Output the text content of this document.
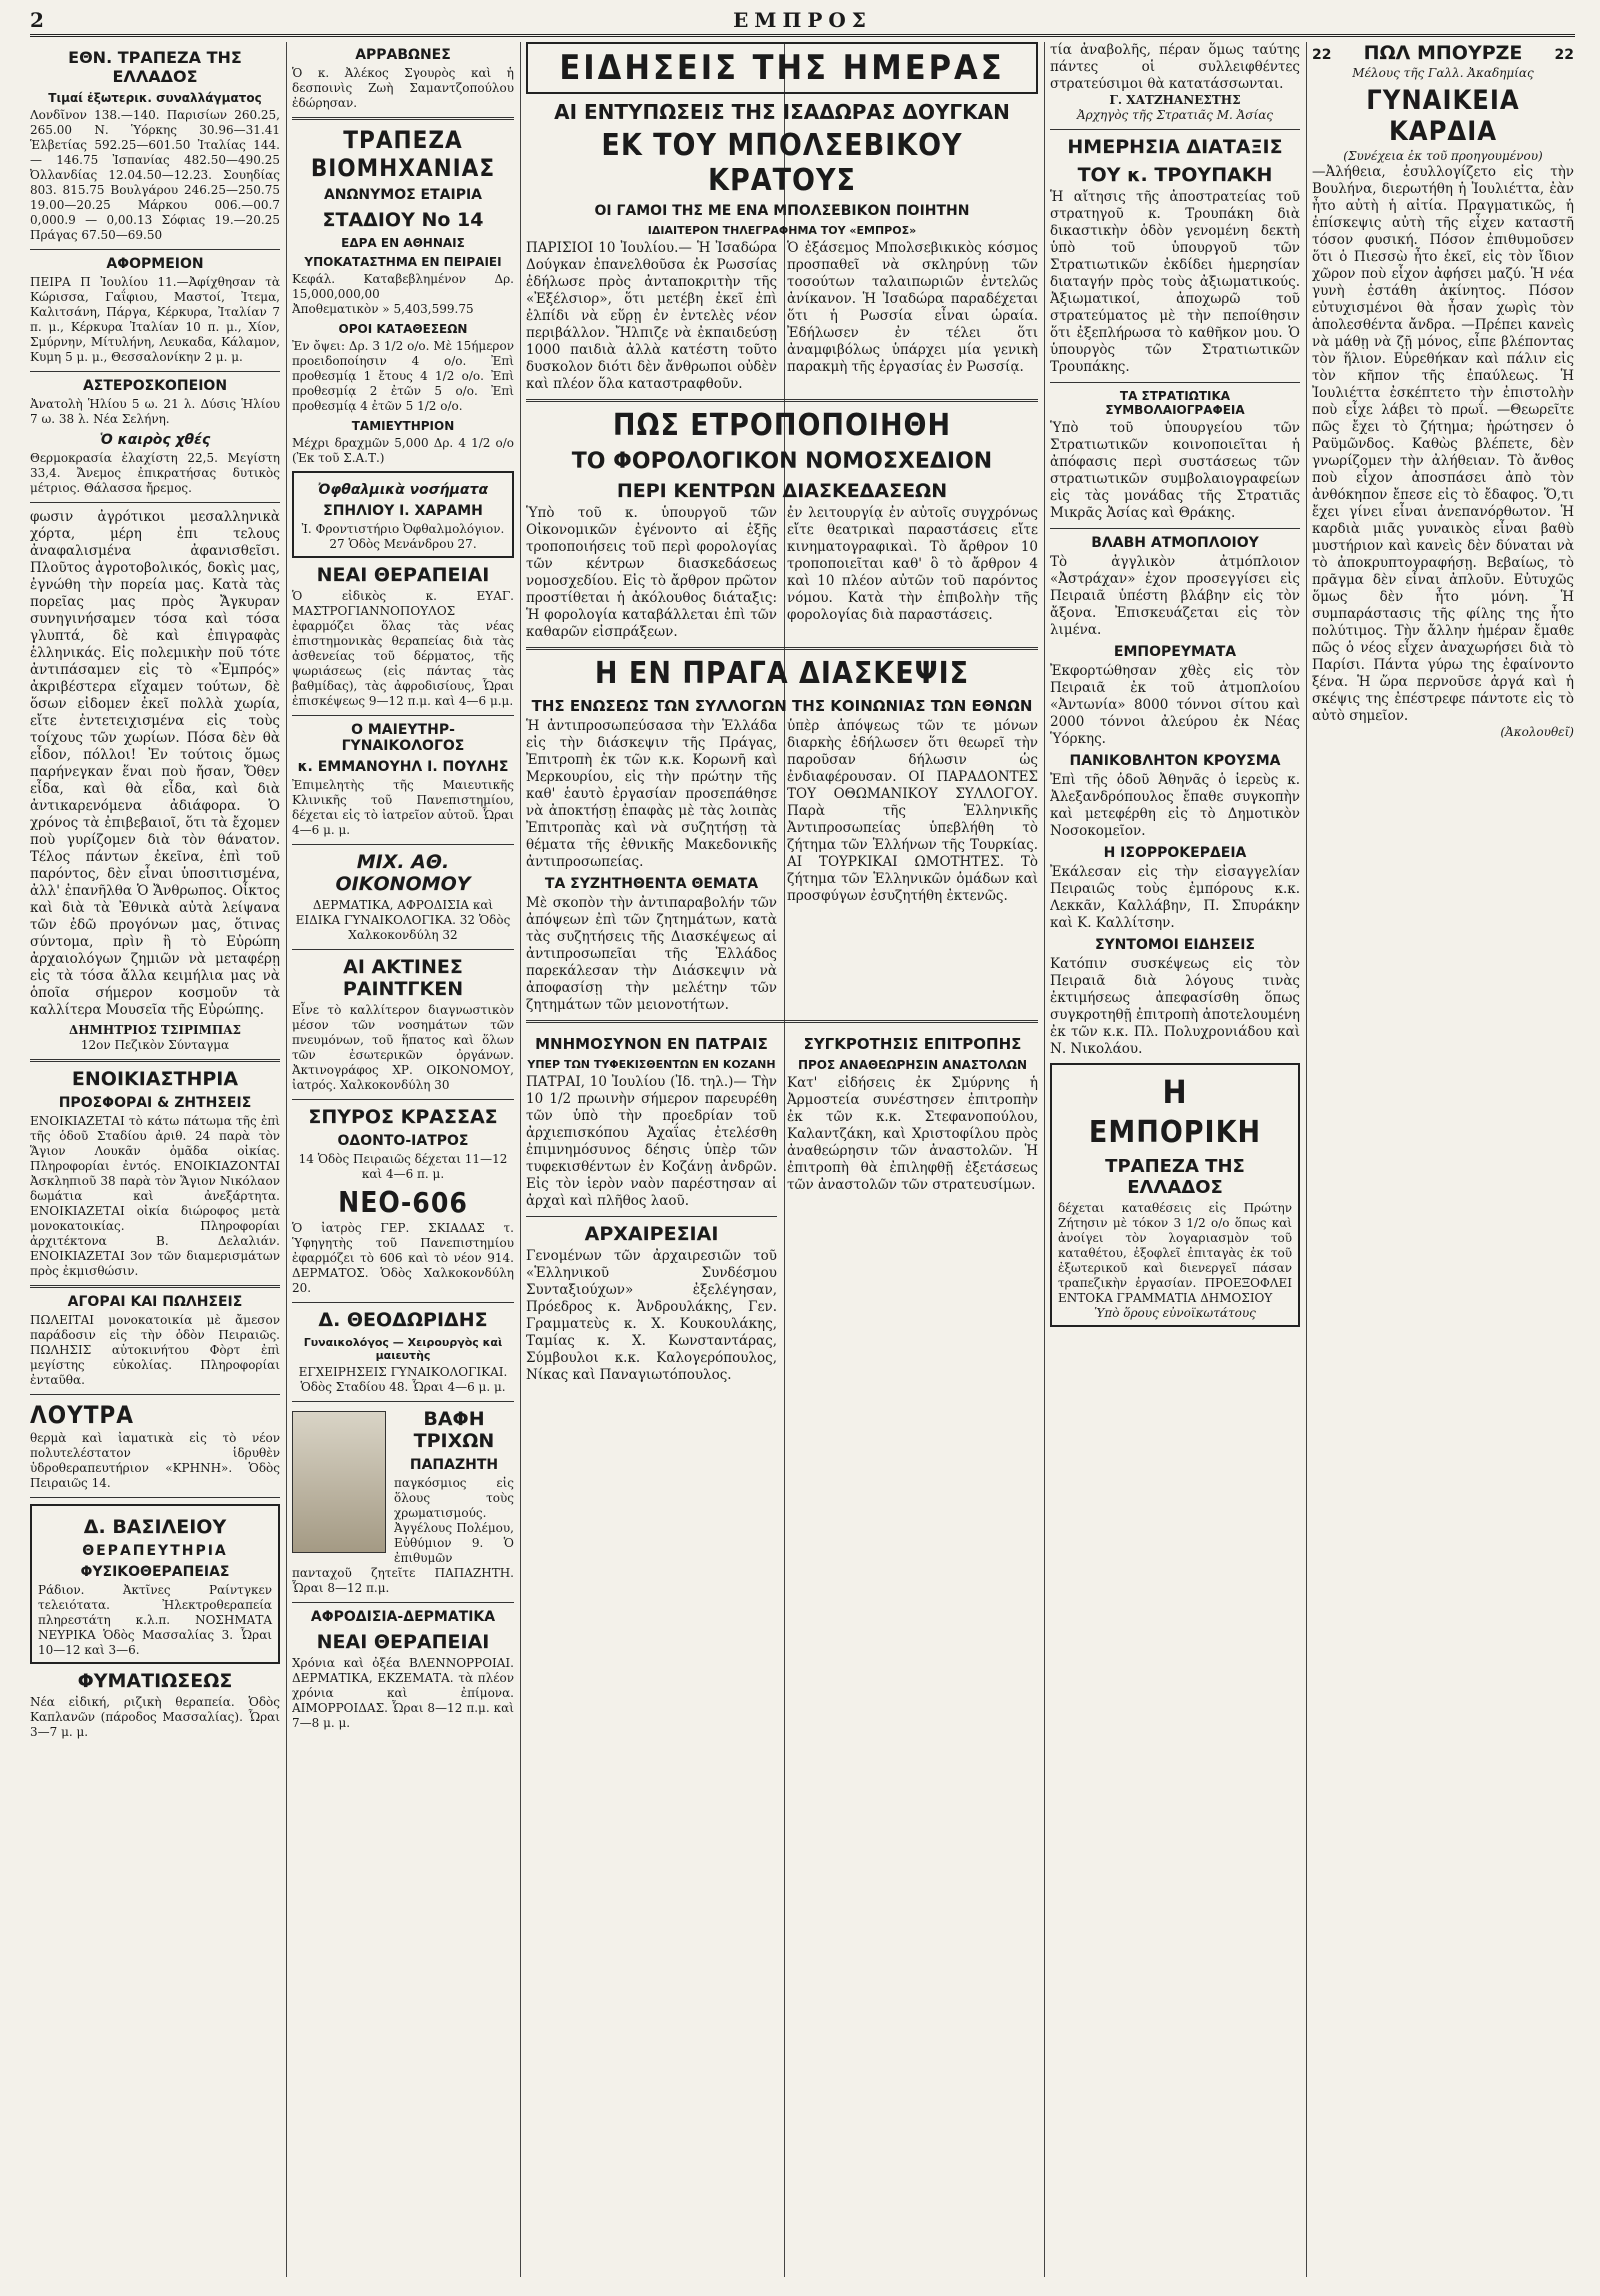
2	ΕΜΠΡΟΣ
ΕΘΝ. ΤΡΑΠΕΖΑ ΤΗΣ ΕΛΛΑΔΟΣ
Τιμαί ἐξωτερικ. συναλλάγματος

Λονδῖνον 138.—140. Παρισίων 260.25, 265.00 Ν. Ὑόρκης 30.96—31.41 Ἑλβετίας 592.25—601.50 Ἰταλίας 144.— 146.75 Ἰσπανίας 482.50—490.25 Ὀλλανδίας 12.04.50—12.23. Σουηδίας 803. 815.75 Βουλγάρου 246.25—250.75 19.00—20.25 Μάρκου 006.—00.7 0,000.9 — 0,00.13 Σόφιας 19.—20.25 Πράγας 67.50—69.50

ΑΦΟΡΜΕΙΟΝ

ΠΕΙΡΑ Π Ἰουλίου 11.—Ἀφίχθησαν τὰ Κώρισσα, Γαΐφιου, Μαστοί, Ἰτεμα, Καλιτσάνη, Πάργα, Κέρκυρα, Ἰταλίαν 7 π. μ., Κέρκυρα Ἰταλίαν 10 π. μ., Χίον, Σμύρνην, Μίτυλήνη, Λευκαδα, Κάλαμον, Κυμη 5 μ. μ., Θεσσαλονίκην 2 μ. μ.

ΑΣΤΕΡΟΣΚΟΠΕΙΟΝ

Ἀνατολὴ Ἡλίου 5 ω. 21 λ. Δύσις Ἡλίου 7 ω. 38 λ. Νέα Σελήνη.

Ὁ καιρὸς χθές

Θερμοκρασία ἐλαχίστη 22,5. Μεγίστη 33,4. Ἄνεμος ἐπικρατήσας δυτικὸς μέτριος. Θάλασσα ἤρεμος.

φωσιν ἀγρότικοι μεσαλληνικὰ χόρτα, μέρη ἐπι τελους ἀναφαλισμένα ἀφανισθεῖσι. Πλοῦτος ἀγροτοβολικός, δοκὶς μας, ἐγνώθη τὴν πορεία μας. Κατὰ τὰς πορεῖας μας πρὸς Ἄγκυραν συνηγινήσαμεν τόσα καὶ τόσα γλυπτά, δὲ καὶ ἐπιγραφὰς ἑλληνικάς. Εἰς πολεμικὴν ποῦ τότε ἀντιπάσαμεν εἰς τὸ «Ἐμπρός» ἀκριβέστερα εἴχαμεν τούτων, δὲ ὅσων εἰδομεν ἐκεῖ πολλὰ χωρία, εἴτε ἐντετειχισμένα εἰς τοὺς τοίχους τῶν χωρίων. Πόσα δὲν θὰ εἶδον, πόλλοι! Ἐν τούτοις ὅμως παρήνεγκαν ἕναι ποὺ ἤσαν, Ὄθεν εἶδα, καὶ θὰ εἶδα, καὶ διὰ ἀντικαρενόμενα ἀδιάφορα. Ὁ χρόνος τὰ ἐπιβεβαιοῖ, ὅτι τὰ ἔχομεν ποὺ γυρίζομεν διὰ τὸν θάνατον. Τέλος πάντων ἐκεῖνα, ἐπὶ τοῦ παρόντος, δὲν εἶναι ὑποσιτισμένα, ἀλλ' ἐπανῆλθα Ὁ Ἄνθρωπος. Οἶκτος καὶ διὰ τὰ Ἐθνικὰ αὐτὰ λείψανα τῶν ἐδῶ προγόνων μας, ὅτινας σύντομα, πρὶν ἢ τὸ Εὐρώπη ἀρχαιολόγων ζημιῶν νὰ μεταφέρῃ εἰς τὰ τόσα ἄλλα κειμήλια μας νὰ ὁποῖα σήμερον κοσμοῦν τὰ καλλίτερα Μουσεῖα τῆς Εὐρώπης.

ΔΗΜΗΤΡΙΟΣ ΤΣΙΡΙΜΠΑΣ
12ον Πεζικὸν Σύνταγμα
ΕΝΟΙΚΙΑΣΤΗΡΙΑ
ΠΡΟΣΦΟΡΑΙ & ΖΗΤΗΣΕΙΣ

ΕΝΟΙΚΙΑΖΕΤΑΙ τὸ κάτω πάτωμα τῆς ἐπὶ τῆς ὁδοῦ Σταδίου ἀριθ. 24 παρὰ τὸν Ἅγιον Λουκᾶν ὁμᾶδα οἰκίας. Πληροφορίαι ἐντός. ΕΝΟΙΚΙΑΖΟΝΤΑΙ Ἀσκληπιοῦ 38 παρὰ τὸν Ἅγιον Νικόλαον δωμάτια καὶ ἀνεξάρτητα. ΕΝΟΙΚΙΑΖΕΤΑΙ οἰκία διώροφος μετὰ μονοκατοικίας. Πληροφορίαι ἀρχιτέκτονα Β. Δελαλιάν. ΕΝΟΙΚΙΑΖΕΤΑΙ 3ον τῶν διαμερισμάτων πρὸς ἐκμισθώσιν.

ΑΓΟΡΑΙ ΚΑΙ ΠΩΛΗΣΕΙΣ

ΠΩΛΕΙΤΑΙ μονοκατοικία μὲ ἄμεσον παράδοσιν εἰς τὴν ὁδὸν Πειραιῶς. ΠΩΛΗΣΙΣ αὐτοκινήτου Φὸρτ ἐπὶ μεγίστης εὐκολίας. Πληροφορίαι ἐνταῦθα.

ΛΟΥΤΡΑ

θερμὰ καὶ ἰαματικὰ εἰς τὸ νέον πολυτελέστατον ἱδρυθὲν ὑδροθεραπευτήριον «ΚΡΗΝΗ». Ὁδὸς Πειραιῶς 14.

Δ. ΒΑΣΙΛΕΙΟΥ
ΘΕΡΑΠΕΥΤΗΡΙΑ
ΦΥΣΙΚΟΘΕΡΑΠΕΙΑΣ

Ράδιον. Ἀκτῖνες Ραίντγκεν τελειότατα. Ἠλεκτροθεραπεία πληρεστάτη κ.λ.π. ΝΟΣΗΜΑΤΑ ΝΕΥΡΙΚΑ Ὁδὸς Μασσαλίας 3. Ὧραι 10—12 καὶ 3—6.

ΦΥΜΑΤΙΩΣΕΩΣ

Νέα εἰδική, ριζικὴ θεραπεία. Ὁδὸς Καπλανῶν (πάροδος Μασσαλίας). Ὧραι 3—7 μ. μ.

ΑΡΡΑΒΩΝΕΣ

Ὁ κ. Ἀλέκος Σγουρὸς καὶ ἡ δεσποινὶς Ζωὴ Σαμαντζοπούλου ἐδώρησαν.

ΤΡΑΠΕΖΑ ΒΙΟΜΗΧΑΝΙΑΣ
ΑΝΩΝΥΜΟΣ ΕΤΑΙΡΙΑ
ΣΤΑΔΙΟΥ No 14
ΕΔΡΑ ΕΝ ΑΘΗΝΑΙΣ
ΥΠΟΚΑΤΑΣΤΗΜΑ ΕΝ ΠΕΙΡΑΙΕΙ

Κεφάλ. Καταβεβλημένον Δρ. 15,000,000,00

Ἀποθεματικὸν » 5,403,599.75

ΟΡΟΙ ΚΑΤΑΘΕΣΕΩΝ

Ἐν ὄψει: Δρ. 3 1/2 ο/ο. Μὲ 15ήμερον προειδοποίησιν 4 ο/ο. Ἐπὶ προθεσμίᾳ 1 ἔτους 4 1/2 ο/ο. Ἐπὶ προθεσμίᾳ 2 ἐτῶν 5 ο/ο. Ἐπὶ προθεσμίᾳ 4 ἐτῶν 5 1/2 ο/ο.

ΤΑΜΙΕΥΤΗΡΙΟΝ

Μέχρι δραχμῶν 5,000 Δρ. 4 1/2 ο/ο (Ἐκ τοῦ Σ.Α.Τ.)

Ὀφθαλμικὰ νοσήματα
ΣΠΗΛΙΟΥ Ι. ΧΑΡΑΜΗ

Ἰ. Φροντιστήριο Ὀφθαλμολόγιον. 27 Ὁδὸς Μενάνδρου 27.

ΝΕΑΙ ΘΕΡΑΠΕΙΑΙ

Ὁ εἰδικὸς κ. ΕΥΑΓ. ΜΑΣΤΡΟΓΙΑΝΝΟΠΟΥΛΟΣ ἐφαρμόζει ὅλας τὰς νέας ἐπιστημονικὰς θεραπείας διὰ τὰς ἀσθενείας τοῦ δέρματος, τῆς ψωριάσεως (εἰς πάντας τὰς βαθμίδας), τὰς ἀφροδισίους, Ὧραι ἐπισκέψεως 9—12 π.μ. καὶ 4—6 μ.μ.

Ο ΜΑΙΕΥΤΗΡ-ΓΥΝΑΙΚΟΛΟΓΟΣ
κ. ΕΜΜΑΝΟΥΗΛ Ι. ΠΟΥΛΗΣ

Ἐπιμελητὴς τῆς Μαιευτικῆς Κλινικῆς τοῦ Πανεπιστημίου, δέχεται εἰς τὸ ἰατρεῖον αὐτοῦ. Ὧραι 4—6 μ. μ.

ΜΙΧ. ΑΘ. ΟΙΚΟΝΟΜΟΥ

ΔΕΡΜΑΤΙΚΑ, ΑΦΡΟΔΙΣΙΑ καὶ ΕΙΔΙΚΑ ΓΥΝΑΙΚΟΛΟΓΙΚΑ. 32 Ὁδὸς Χαλκοκονδύλη 32

ΑΙ ΑΚΤΙΝΕΣ ΡΑΙΝΤΓΚΕΝ

Εἶνε τὸ καλλίτερον διαγνωστικὸν μέσον τῶν νοσημάτων τῶν πνευμόνων, τοῦ ἥπατος καὶ ὅλων τῶν ἐσωτερικῶν ὀργάνων. Ἀκτινογράφος ΧΡ. ΟΙΚΟΝΟΜΟΥ, ἰατρός. Χαλκοκονδύλη 30

ΣΠΥΡΟΣ ΚΡΑΣΣΑΣ
ΟΔΟΝΤΟ-ΙΑΤΡΟΣ

14 Ὁδὸς Πειραιῶς δέχεται 11—12 καὶ 4—6 π. μ.

ΝΕΟ-606

Ὁ ἰατρὸς ΓΕΡ. ΣΚΙΑΔΑΣ τ. Ὑφηγητὴς τοῦ Πανεπιστημίου ἐφαρμόζει τὸ 606 καὶ τὸ νέον 914. ΔΕΡΜΑΤΟΣ. Ὁδὸς Χαλκοκονδύλη 20.

Δ. ΘΕΟΔΩΡΙΔΗΣ
Γυναικολόγος — Χειρουργὸς καὶ μαιευτὴς

ΕΓΧΕΙΡΗΣΕΙΣ ΓΥΝΑΙΚΟΛΟΓΙΚΑΙ. Ὁδὸς Σταδίου 48. Ὧραι 4—6 μ. μ.

ΒΑΦΗ ΤΡΙΧΩΝ
ΠΑΠΑΖΗΤΗ

παγκόσμιος εἰς ὅλους τοὺς χρωματισμούς. Ἀγγέλους Πολέμου, Εὐθύμιον 9. Ὁ ἐπιθυμῶν πανταχοῦ ζητεῖτε ΠΑΠΑΖΗΤΗ. Ὧραι 8—12 π.μ.

ΑΦΡΟΔΙΣΙΑ-ΔΕΡΜΑΤΙΚΑ
ΝΕΑΙ ΘΕΡΑΠΕΙΑΙ

Χρόνια καὶ ὀξέα ΒΛΕΝΝΟΡΡΟΙΑΙ. ΔΕΡΜΑΤΙΚΑ, ΕΚΖΕΜΑΤΑ. τὰ πλέον χρόνια καὶ ἐπίμονα. ΑΙΜΟΡΡΟΙΔΑΣ. Ὧραι 8—12 π.μ. καὶ 7—8 μ. μ.

ΕΙΔΗΣΕΙΣ ΤΗΣ ΗΜΕΡΑΣ
ΑΙ ΕΝΤΥΠΩΣΕΙΣ ΤΗΣ ΙΣΑΔΩΡΑΣ ΔΟΥΓΚΑΝ
ΕΚ ΤΟΥ ΜΠΟΛΣΕΒΙΚΟΥ ΚΡΑΤΟΥΣ
ΟΙ ΓΑΜΟΙ ΤΗΣ ΜΕ ΕΝΑ ΜΠΟΛΣΕΒΙΚΟΝ ΠΟΙΗΤΗΝ
ΙΔΙΑΙΤΕΡΟΝ ΤΗΛΕΓΡΑΦΗΜΑ ΤΟΥ «ΕΜΠΡΟΣ»

ΠΑΡΙΣΙΟΙ 10 Ἰουλίου.— Ἡ Ἰσαδώρα Δούγκαν ἐπανελθοῦσα ἐκ Ρωσσίας ἐδήλωσε πρὸς ἀνταποκριτὴν τῆς «Ἐξέλσιορ», ὅτι μετέβη ἐκεῖ ἐπὶ ἐλπίδι νὰ εὕρῃ ἐν ἐντελὲς νέον περιβάλλον. Ἤλπιζε νὰ ἐκπαιδεύσῃ 1000 παιδιὰ ἀλλὰ κατέστη τοῦτο δυσκολον διότι δὲν ἄνθρωποι οὐδὲν καὶ πλέον ὅλα καταστραφθοῦν.

Ὁ ἐξάσεμος Μπολσεβικικὸς κόσμος προσπαθεῖ νὰ σκληρύνῃ τῶν τοσούτων ταλαιπωριῶν ἐντελῶς ἀνίκανον. Ἡ Ἰσαδώρα παραδέχεται ὅτι ἡ Ρωσσία εἶναι ὡραία. Ἐδήλωσεν ἐν τέλει ὅτι ἀναμφιβόλως ὑπάρχει μία γενικὴ παρακμὴ τῆς ἐργασίας ἐν Ρωσσίᾳ.

ΠΩΣ ΕΤΡΟΠΟΠΟΙΗΘΗ
ΤΟ ΦΟΡΟΛΟΓΙΚΟΝ ΝΟΜΟΣΧΕΔΙΟΝ
ΠΕΡΙ ΚΕΝΤΡΩΝ ΔΙΑΣΚΕΔΑΣΕΩΝ

Ὑπὸ τοῦ κ. ὑπουργοῦ τῶν Οἰκονομικῶν ἐγένοντο αἱ ἑξῆς τροποποιήσεις τοῦ περὶ φορολογίας τῶν κέντρων διασκεδάσεως νομοσχεδίου. Εἰς τὸ ἄρθρον πρῶτον προστίθεται ἡ ἀκόλουθος διάταξις: Ἡ φορολογία καταβάλλεται ἐπὶ τῶν καθαρῶν εἰσπράξεων.

ἐν λειτουργίᾳ ἐν αὐτοῖς συγχρόνως εἴτε θεατρικαὶ παραστάσεις εἴτε κινηματογραφικαὶ. Τὸ ἄρθρον 10 τροποποιεῖται καθ' ὃ τὸ ἄρθρον 4 καὶ 10 πλέον αὐτῶν τοῦ παρόντος νόμου. Κατὰ τὴν ἐπιβολὴν τῆς φορολογίας διὰ παραστάσεις.

Η ΕΝ ΠΡΑΓΑ ΔΙΑΣΚΕΨΙΣ
ΤΗΣ ΕΝΩΣΕΩΣ ΤΩΝ ΣΥΛΛΟΓΩΝ ΤΗΣ ΚΟΙΝΩΝΙΑΣ ΤΩΝ ΕΘΝΩΝ

Ἡ ἀντιπροσωπεύσασα τὴν Ἑλλάδα εἰς τὴν διάσκεψιν τῆς Πράγας, Ἐπιτροπὴ ἐκ τῶν κ.κ. Κορωνῆ καὶ Μερκουρίου, εἰς τὴν πρώτην τῆς καθ' ἑαυτὸ ἐργασίαν προσεπάθησε νὰ ἀποκτήσῃ ἐπαφὰς μὲ τὰς λοιπὰς Ἐπιτροπὰς καὶ νὰ συζητήσῃ τὰ θέματα τῆς ἐθνικῆς Μακεδονικῆς ἀντιπροσωπείας.

ΤΑ ΣΥΖΗΤΗΘΕΝΤΑ ΘΕΜΑΤΑ

Μὲ σκοπὸν τὴν ἀντιπαραβολήν τῶν ἀπόψεων ἐπὶ τῶν ζητημάτων, κατὰ τὰς συζητήσεις τῆς Διασκέψεως αἱ ἀντιπροσωπεῖαι τῆς Ἑλλάδος παρεκάλεσαν τὴν Διάσκεψιν νὰ ἀποφασίσῃ τὴν μελέτην τῶν ζητημάτων τῶν μειονοτήτων.

ὑπὲρ ἀπόψεως τῶν τε μόνων διαρκὴς ἐδήλωσεν ὅτι θεωρεῖ τὴν παροῦσαν δήλωσιν ὡς ἐνδιαφέρουσαν. ΟΙ ΠΑΡΑΔΟΝΤΕΣ ΤΟΥ ΟΘΩΜΑΝΙΚΟΥ ΣΥΛΛΟΓΟΥ. Παρὰ τῆς Ἑλληνικῆς Ἀντιπροσωπείας ὑπεβλήθη τὸ ζήτημα τῶν Ἑλλήνων τῆς Τουρκίας. ΑΙ ΤΟΥΡΚΙΚΑΙ ΩΜΟΤΗΤΕΣ. Τὸ ζήτημα τῶν Ἑλληνικῶν ὁμάδων καὶ προσφύγων ἐσυζητήθη ἐκτενῶς.

ΜΝΗΜΟΣΥΝΟΝ ΕΝ ΠΑΤΡΑΙΣ
ΥΠΕΡ ΤΩΝ ΤΥΦΕΚΙΣΘΕΝΤΩΝ ΕΝ ΚΟΖΑΝΗ

ΠΑΤΡΑΙ, 10 Ἰουλίου (Ἰδ. τηλ.)— Τὴν 10 1/2 πρωινὴν σήμερον παρευρέθη τῶν ὑπὸ τὴν προεδρίαν τοῦ ἀρχιεπισκόπου Ἀχαΐας ἐτελέσθη ἐπιμνημόσυνος δέησις ὑπὲρ τῶν τυφεκισθέντων ἐν Κοζάνῃ ἀνδρῶν. Εἰς τὸν ἱερὸν ναὸν παρέστησαν αἱ ἀρχαὶ καὶ πλῆθος λαοῦ.

ΑΡΧΑΙΡΕΣΙΑΙ

Γενομένων τῶν ἀρχαιρεσιῶν τοῦ «Ἑλληνικοῦ Συνδέσμου Συνταξιούχων» ἐξελέγησαν, Πρόεδρος κ. Ἀνδρουλάκης, Γεν. Γραμματεὺς κ. Χ. Κουκουλάκης, Ταμίας κ. Χ. Κωνσταντάρας, Σύμβουλοι κ.κ. Καλογερόπουλος, Νίκας καὶ Παναγιωτόπουλος.

ΣΥΓΚΡΟΤΗΣΙΣ ΕΠΙΤΡΟΠΗΣ
ΠΡΟΣ ΑΝΑΘΕΩΡΗΣΙΝ ΑΝΑΣΤΟΛΩΝ

Κατ' εἰδήσεις ἐκ Σμύρνης ἡ Ἀρμοστεία συνέστησεν ἐπιτροπὴν ἐκ τῶν κ.κ. Στεφανοπούλου, Καλαντζάκη, καὶ Χριστοφίλου πρὸς ἀναθεώρησιν τῶν ἀναστολῶν. Ἡ ἐπιτροπὴ θὰ ἐπιληφθῇ ἐξετάσεως τῶν ἀναστολῶν τῶν στρατευσίμων.

τία ἀναβολῆς, πέραν ὅμως ταύτης πάντες οἱ συλλειφθέντες στρατεύσιμοι θὰ κατατάσσωνται.

Γ. ΧΑΤΖΗΑΝΕΣΤΗΣ
Ἀρχηγὸς τῆς Στρατιᾶς Μ. Ἀσίας
ΗΜΕΡΗΣΙΑ ΔΙΑΤΑΞΙΣ
ΤΟΥ κ. ΤΡΟΥΠΑΚΗ

Ἡ αἴτησις τῆς ἀποστρατείας τοῦ στρατηγοῦ κ. Τρουπάκη διὰ δικαστικὴν ὁδὸν γενομένη δεκτὴ ὑπὸ τοῦ ὑπουργοῦ τῶν Στρατιωτικῶν ἐκδίδει ἡμερησίαν διαταγήν πρὸς τοὺς ἀξιωματικούς. Ἀξιωματικοί, ἀποχωρῶ τοῦ στρατεύματος μὲ τὴν πεποίθησιν ὅτι ἐξεπλήρωσα τὸ καθῆκον μου. Ὁ ὑπουργὸς τῶν Στρατιωτικῶν Τρουπάκης.

ΤΑ ΣΤΡΑΤΙΩΤΙΚΑ ΣΥΜΒΟΛΑΙΟΓΡΑΦΕΙΑ

Ὑπὸ τοῦ ὑπουργείου τῶν Στρατιωτικῶν κοινοποιεῖται ἡ ἀπόφασις περὶ συστάσεως τῶν στρατιωτικῶν συμβολαιογραφείων εἰς τὰς μονάδας τῆς Στρατιᾶς Μικρᾶς Ἀσίας καὶ Θράκης.

ΒΛΑΒΗ ΑΤΜΟΠΛΟΙΟΥ

Τὸ ἀγγλικὸν ἀτμόπλοιον «Ἀστράχαν» ἐχον προσεγγίσει εἰς Πειραιᾶ ὑπέστη βλάβην εἰς τὸν ἄξονα. Ἐπισκευάζεται εἰς τὸν λιμένα.

ΕΜΠΟΡΕΥΜΑΤΑ

Ἐκφορτώθησαν χθὲς εἰς τὸν Πειραιᾶ ἐκ τοῦ ἀτμοπλοίου «Ἀντωνία» 8000 τόννοι σίτου καὶ 2000 τόννοι ἀλεύρου ἐκ Νέας Ὑόρκης.

ΠΑΝΙΚΟΒΛΗΤΟΝ ΚΡΟΥΣΜΑ

Ἐπὶ τῆς ὁδοῦ Ἀθηνᾶς ὁ ἱερεὺς κ. Ἀλεξανδρόπουλος ἔπαθε συγκοπὴν καὶ μετεφέρθη εἰς τὸ Δημοτικὸν Νοσοκομεῖον.

Η ΙΣΟΡΡΟΚΕΡΔΕΙΑ

Ἐκάλεσαν εἰς τὴν εἰσαγγελίαν Πειραιῶς τοὺς ἐμπόρους κ.κ. Λεκκᾶν, Καλλάβην, Π. Σπυράκην καὶ Κ. Καλλίτσην.

ΣΥΝΤΟΜΟΙ ΕΙΔΗΣΕΙΣ

Κατόπιν συσκέψεως εἰς τὸν Πειραιᾶ διὰ λόγους τινὰς ἐκτιμήσεως ἀπεφασίσθη ὅπως συγκροτηθῇ ἐπιτροπὴ ἀποτελουμένη ἐκ τῶν κ.κ. Πλ. Πολυχρονιάδου καὶ Ν. Νικολάου.

Η
ΕΜΠΟΡΙΚΗ
ΤΡΑΠΕΖΑ ΤΗΣ ΕΛΛΑΔΟΣ

δέχεται καταθέσεις εἰς Πρώτην Ζήτησιν μὲ τόκον 3 1/2 ο/ο ὅπως καὶ ἀνοίγει τὸν λογαριασμὸν τοῦ καταθέτου, ἐξοφλεῖ ἐπιταγὰς ἐκ τοῦ ἐξωτερικοῦ καὶ διενεργεῖ πάσαν τραπεζικὴν ἐργασίαν. ΠΡΟΕΞΟΦΛΕΙ ΕΝΤΟΚΑ ΓΡΑΜΜΑΤΙΑ ΔΗΜΟΣΙΟΥ

Ὑπὸ ὅρους εὐνοϊκωτάτους
22 ΠΩΛ ΜΠΟΥΡΖΕ 22
Μέλους τῆς Γαλλ. Ἀκαδημίας
ΓΥΝΑΙΚΕΙΑ ΚΑΡΔΙΑ
(Συνέχεια ἐκ τοῦ προηγουμένου)

—Ἀλήθεια, ἐσυλλογίζετο εἰς τὴν Βουλήνα, διερωτήθη ἡ Ἰουλιέττα, ἐὰν ἦτο αὐτὴ ἡ αἰτία. Πραγματικῶς, ἡ ἐπίσκεψις αὐτὴ τῆς εἶχεν καταστῆ τόσον φυσική. Πόσον ἐπιθυμοῦσεν ὅτι ὁ Πιεσσὼ ἦτο ἐκεῖ, εἰς τὸν ἴδιον χῶρον ποὺ εἶχον ἀφήσει μαζύ. Ἡ νέα γυνὴ ἐστάθη ἀκίνητος. Πόσον εὐτυχισμένοι θὰ ἦσαν χωρὶς τὸν ἀπολεσθέντα ἄνδρα. —Πρέπει κανεὶς νὰ μάθῃ νὰ ζῇ μόνος, εἶπε βλέποντας τὸν ἥλιον. Εὑρεθήκαν καὶ πάλιν εἰς τὸν κῆπον τῆς ἐπαύλεως. Ἡ Ἰουλιέττα ἐσκέπτετο τὴν ἐπιστολὴν ποὺ εἶχε λάβει τὸ πρωΐ. —Θεωρεῖτε πῶς ἔχει τὸ ζήτημα; ἠρώτησεν ὁ Ραϋμῶνδος. Καθὼς βλέπετε, δὲν γνωρίζομεν τὴν ἀλήθειαν. Τὸ ἄνθος ποὺ εἶχον ἀποσπάσει ἀπὸ τὸν ἀνθόκηπον ἔπεσε εἰς τὸ ἔδαφος. Ὅ,τι ἔχει γίνει εἶναι ἀνεπανόρθωτον. Ἡ καρδιὰ μιᾶς γυναικὸς εἶναι βαθὺ μυστήριον καὶ κανεὶς δὲν δύναται νὰ τὸ ἀποκρυπτογραφήσῃ. Βεβαίως, τὸ πρᾶγμα δὲν εἶναι ἀπλοῦν. Εὐτυχῶς ὅμως δὲν ἦτο μόνη. Ἡ συμπαράστασις τῆς φίλης της ἦτο πολύτιμος. Τὴν ἄλλην ἡμέραν ἔμαθε πῶς ὁ νέος εἶχεν ἀναχωρήσει διὰ τὸ Παρίσι. Πάντα γύρω της ἐφαίνοντο ξένα. Ἡ ὥρα περνοῦσε ἀργά καὶ ἡ σκέψις της ἐπέστρεφε πάντοτε εἰς τὸ αὐτὸ σημεῖον.

(Ἀκολουθεῖ)
